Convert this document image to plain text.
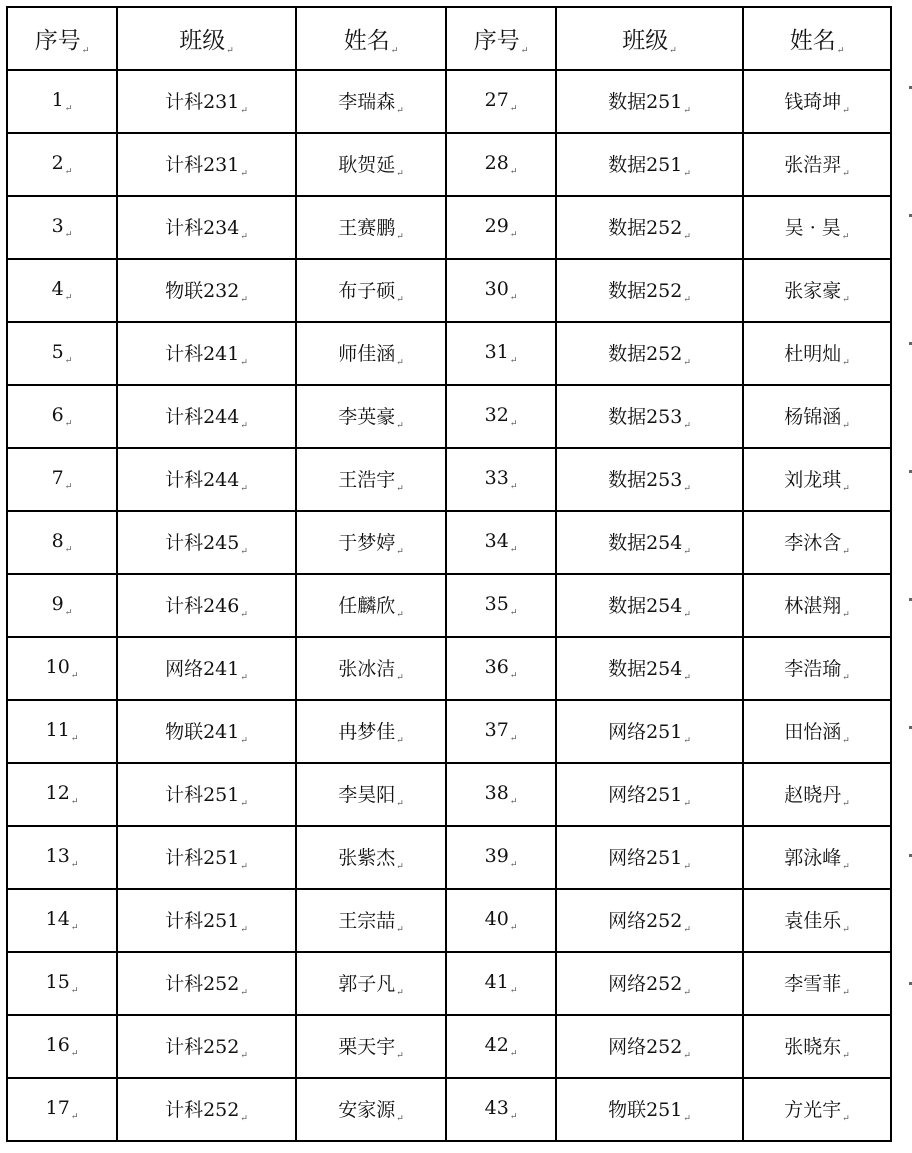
序号$_↵$	班级$_↵$	姓名$_↵$	序号$_↵$	班级$_↵$	姓名$_↵$
$1_↵$	计科$231_↵$	李瑞森$_↵$	$27_↵$	数据$251_↵$	钱琦坤$_↵$
$2_↵$	计科$231_↵$	耿贺延$_↵$	$28_↵$	数据$251_↵$	张浩羿$_↵$
$3_↵$	计科$234_↵$	王赛鹏$_↵$	$29_↵$	数据$252_↵$	吴 · 昊$_↵$
$4_↵$	物联$232_↵$	布子硕$_↵$	$30_↵$	数据$252_↵$	张家豪$_↵$
$5_↵$	计科$241_↵$	师佳涵$_↵$	$31_↵$	数据$252_↵$	杜明灿$_↵$
$6_↵$	计科$244_↵$	李英豪$_↵$	$32_↵$	数据$253_↵$	杨锦涵$_↵$
$7_↵$	计科$244_↵$	王浩宇$_↵$	$33_↵$	数据$253_↵$	刘龙琪$_↵$
$8_↵$	计科$245_↵$	于梦婷$_↵$	$34_↵$	数据$254_↵$	李沐含$_↵$
$9_↵$	计科$246_↵$	任麟欣$_↵$	$35_↵$	数据$254_↵$	林湛翔$_↵$
$10_↵$	网络$241_↵$	张冰洁$_↵$	$36_↵$	数据$254_↵$	李浩瑜$_↵$
$11_↵$	物联$241_↵$	冉梦佳$_↵$	$37_↵$	网络$251_↵$	田怡涵$_↵$
$12_↵$	计科$251_↵$	李昊阳$_↵$	$38_↵$	网络$251_↵$	赵晓丹$_↵$
$13_↵$	计科$251_↵$	张紫杰$_↵$	$39_↵$	网络$251_↵$	郭泳峰$_↵$
$14_↵$	计科$251_↵$	王宗喆$_↵$	$40_↵$	网络$252_↵$	袁佳乐$_↵$
$15_↵$	计科$252_↵$	郭子凡$_↵$	$41_↵$	网络$252_↵$	李雪菲$_↵$
$16_↵$	计科$252_↵$	栗天宇$_↵$	$42_↵$	网络$252_↵$	张晓东$_↵$
$17_↵$	计科$252_↵$	安家源$_↵$	$43_↵$	物联$251_↵$	方光宇$_↵$
